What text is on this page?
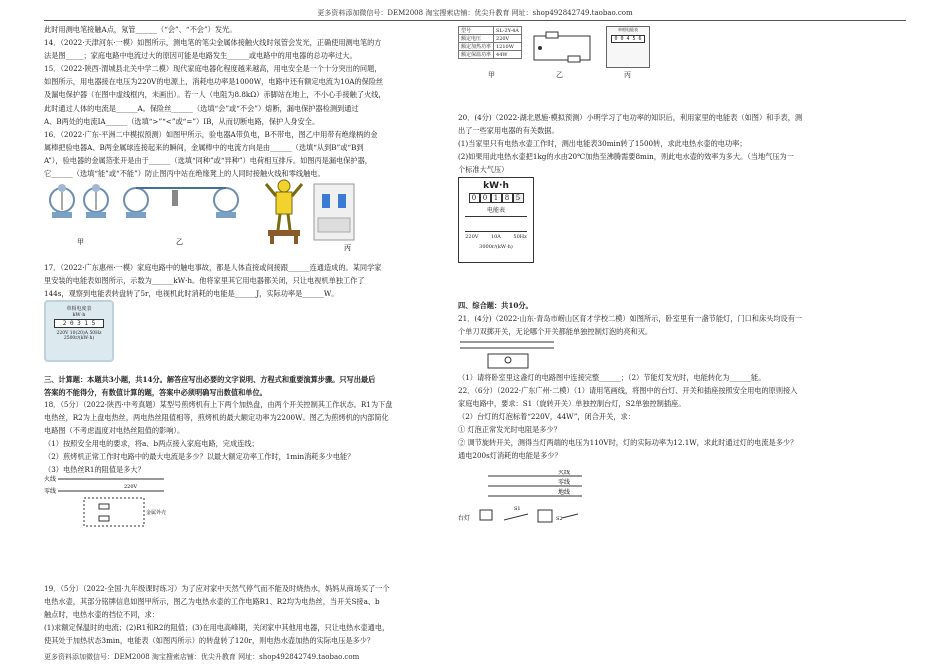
更多资料添加微信号：DEM2008 淘宝搜索店铺：优尖升教育 网址：shop492842749.taobao.com

此时用测电笔接触A点，氖管______（“会”、“不会”）发光。

14．（2022·天津河东·一模）如图所示，测电笔的笔尖金属体接触火线时氖管会发光，正确使用测电笔的方

法是图_____；家庭电路中电流过大的原因可能是电路发生______或电路中的用电器的总功率过大。

15．（2022·陕西·渭城县北关中学二模）现代家庭电器化程度越来越高，用电安全是一个十分突出的问题，

如图所示，用电器接在电压为220V的电源上，消耗电功率是1000W，电路中还有额定电流为10A的保险丝

及漏电保护器（在图中虚线框内，未画出）。若一人（电阻为8.8kΩ）赤脚站在地上，不小心手接触了火线，

此时通过人体的电流是______A。保险丝______（选填“会”或“不会”）熔断，漏电保护器检测到通过

A、B两处的电流IA______（选填“>”“<”或“=”）IB，从而切断电路，保护人身安全。

16．（2022·广东·平洲二中模拟预测）如图甲所示，验电器A带负电，B不带电，图乙中用带有绝缘柄的金

属棒把验电器A、B两金属球连接起来的瞬间，金属棒中的电流方向是由______（选填“从到B”或“B到

A”），验电器的金属箔张开是由于______（选填“同种”或“异种”）电荷相互排斥。如图丙是漏电保护器，

它______（选填“能”或“不能”）防止图丙中站在绝缘凳上的人同时接触火线和零线触电。

甲	乙
丙

17．（2022·广东惠州·一模）家庭电路中的触电事故，都是人体直接或间接跟______连通造成的。某同学家

里安装的电能表如图所示，示数为______kW·h。他将家里其它用电器都关闭，只让电视机单独工作了

144s，观察到电能表转盘转了5r，电视机此时消耗的电能是______J，实际功率是______W。

单相电度表
kW·h
2 0 3 1 5
220V 10(20)A 50Hz
2500r/(kW·h)

三、计算题：本题共3小题，共14分。解答应写出必要的文字说明、方程式和重要演算步骤。只写出最后

答案的不能得分，有数值计算的题，答案中必须明确写出数值和单位。

18．（5分）（2022·陕西·中考真题）某型号煎烤机有上下两个加热盘，由两个开关控制其工作状态。R1为下盘

电热丝，R2为上盘电热丝，两电热丝阻值相等，煎烤机的最大额定功率为2200W。图乙为煎烤机的内部简化

电路图（不考虑温度对电热丝阻值的影响）。

（1）按照安全用电的要求，将a、b两点接入家庭电路，完成连线；

（2）煎烤机正常工作时电路中的最大电流是多少？以最大额定功率工作时，1min消耗多少电能？

（3）电热丝R1的阻值是多大？

火线
220V
零线
金属外壳

19．（5分）（2022·全国·九年级课时练习）为了应对家中天然气停气而不能及时烧热水，妈妈从商场买了一个

电热水壶，其部分铭牌信息如图甲所示，图乙为电热水壶的工作电路R1、R2均为电热丝，当开关S接a、b

触点时，电热水壶的挡位不同，求：

(1)求额定保温时的电流；(2)R1和R2的阻值；(3)在用电高峰期，关闭家中其他用电器，只让电热水壶通电，

使其处于加热状态3min，电能表（如图丙所示）的转盘转了120r，则电热水壶加热的实际电压是多少？

型号	SL-2Y-4A
额定电压	220V
额定加热功率	1210W
额定保温功率	44W
甲	乙
单相电能表
0 0 4 5 6
丙

20．(4分)（2022·湖北恩施·模拟预测）小明学习了电功率的知识后，利用家里的电能表（如图）和手表，测

出了一些家用电器的有关数据。

(1)当家里只有电热水壶工作时，测出电能表30min转了1500转，求此电热水壶的电功率；

(2)如果用此电热水壶把1kg的水由20℃加热至沸腾需要8min，则此电水壶的效率为多大。（当地气压为一

个标准大气压）

kW·h
0 0 1 8 5
电能表
220V	10A	50Hz
3000r/(kW·h)

四、综合题：共10分。

21．(4分)（2022·山东·青岛市崂山区育才学校二模）如图所示，卧室里有一盏节能灯，门口和床头均设有一

个单刀双掷开关，无论哪个开关都能单独控制灯泡的亮和灭。

（1）请将卧室里这盏灯的电路图中连接完整______；（2）节能灯发光时，电能转化为______能。

22．（6分）（2022·广东广州·二模）（1）请用笔画线，将图中的台灯、开关和插座按照安全用电的原则接入

家庭电路中，要求：S1（旋转开关）单独控制台灯，S2单独控制插座。

（2）台灯的灯泡标着“220V，44W”，闭合开关，求：

① 灯泡正常发光时电阻是多少？

② 调节旋转开关，测得当灯两端的电压为110V时，灯的实际功率为12.1W，求此时通过灯的电流是多少？

通电200s灯消耗的电能是多少？

火线
零线
地线
台灯
S1
S2
更多资料添加微信号：DEM2008 淘宝搜索店铺：优尖升教育 网址：shop492842749.taobao.com
